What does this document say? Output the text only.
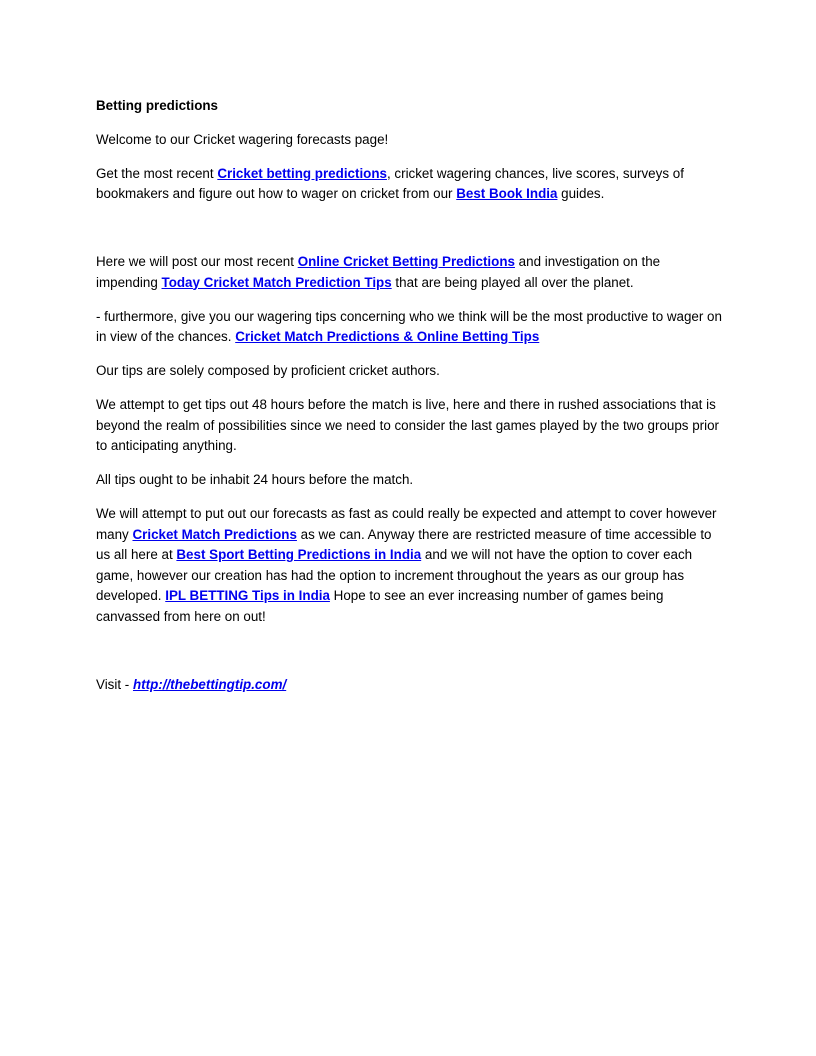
Betting predictions

Welcome to our Cricket wagering forecasts page!

Get the most recent Cricket betting predictions, cricket wagering chances, live scores, surveys of bookmakers and figure out how to wager on cricket from our Best Book India guides.

Here we will post our most recent Online Cricket Betting Predictions and investigation on the impending Today Cricket Match Prediction Tips that are being played all over the planet.

- furthermore, give you our wagering tips concerning who we think will be the most productive to wager on in view of the chances. Cricket Match Predictions & Online Betting Tips

Our tips are solely composed by proficient cricket authors.

We attempt to get tips out 48 hours before the match is live, here and there in rushed associations that is beyond the realm of possibilities since we need to consider the last games played by the two groups prior to anticipating anything.

All tips ought to be inhabit 24 hours before the match.

We will attempt to put out our forecasts as fast as could really be expected and attempt to cover however many Cricket Match Predictions as we can. Anyway there are restricted measure of time accessible to us all here at Best Sport Betting Predictions in India and we will not have the option to cover each game, however our creation has had the option to increment throughout the years as our group has developed. IPL BETTING Tips in India Hope to see an ever increasing number of games being canvassed from here on out!

Visit - http://thebettingtip.com/
